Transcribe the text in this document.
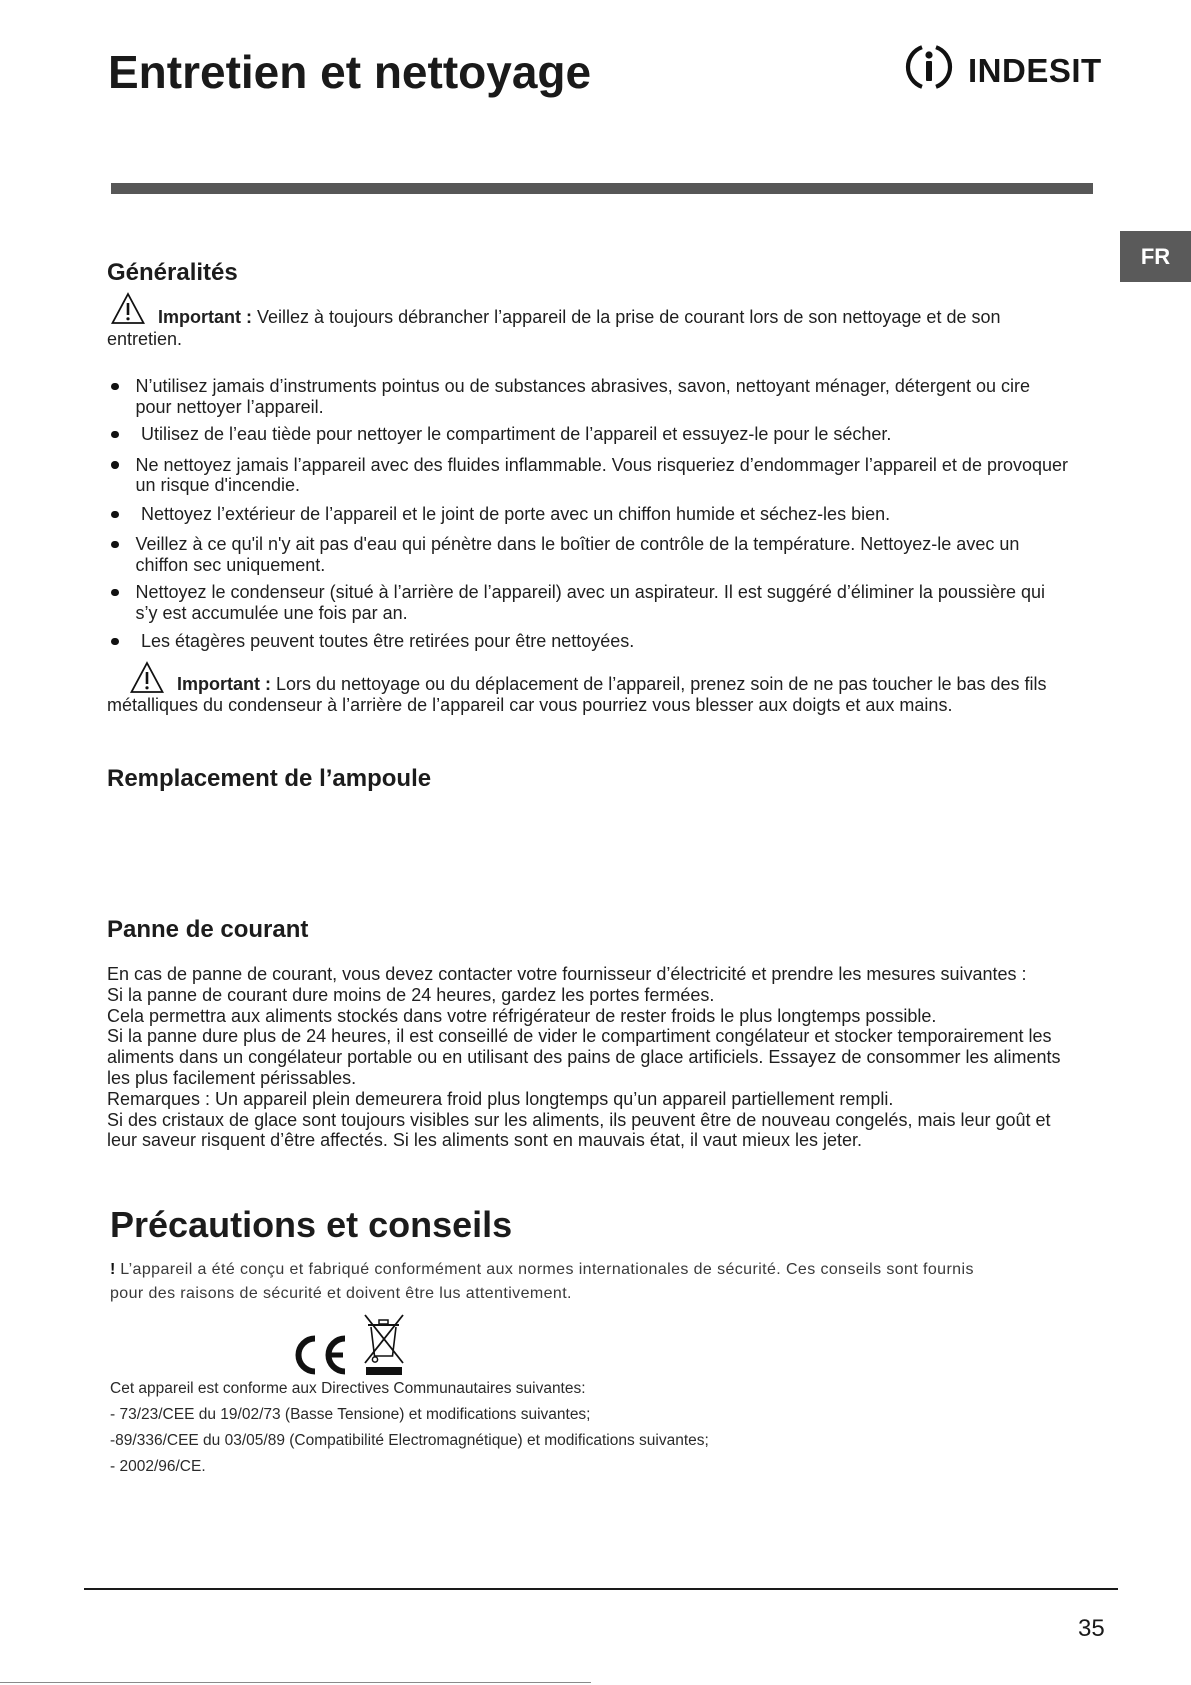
Entretien et nettoyage	INDESIT
FR
Généralités
Important : Veillez à toujours débrancher l’appareil de la prise de courant lors de son nettoyage et de son
entretien.
N’utilisez jamais d’instruments pointus ou de substances abrasives, savon, nettoyant ménager, détergent ou cire
pour nettoyer l’appareil.
Utilisez de l’eau tiède pour nettoyer le compartiment de l’appareil et essuyez-le pour le sécher.
Ne nettoyez jamais l’appareil avec des fluides inflammable. Vous risqueriez d’endommager l’appareil et de provoquer
un risque d'incendie.
Nettoyez l’extérieur de l’appareil et le joint de porte avec un chiffon humide et séchez-les bien.
Veillez à ce qu'il n'y ait pas d'eau qui pénètre dans le boîtier de contrôle de la température. Nettoyez-le avec un
chiffon sec uniquement.
Nettoyez le condenseur (situé à l’arrière de l’appareil) avec un aspirateur. Il est suggéré d’éliminer la poussière qui
s’y est accumulée une fois par an.
Les étagères peuvent toutes être retirées pour être nettoyées.
Important : Lors du nettoyage ou du déplacement de l’appareil, prenez soin de ne pas toucher le bas des fils
métalliques du condenseur à l’arrière de l’appareil car vous pourriez vous blesser aux doigts et aux mains.
Remplacement de l’ampoule
Panne de courant
En cas de panne de courant, vous devez contacter votre fournisseur d’électricité et prendre les mesures suivantes :
Si la panne de courant dure moins de 24 heures, gardez les portes fermées.
Cela permettra aux aliments stockés dans votre réfrigérateur de rester froids le plus longtemps possible.
Si la panne dure plus de 24 heures, il est conseillé de vider le compartiment congélateur et stocker temporairement les
aliments dans un congélateur portable ou en utilisant des pains de glace artificiels. Essayez de consommer les aliments
les plus facilement périssables.
Remarques : Un appareil plein demeurera froid plus longtemps qu’un appareil partiellement rempli.
Si des cristaux de glace sont toujours visibles sur les aliments, ils peuvent être de nouveau congelés, mais leur goût et
leur saveur risquent d’être affectés. Si les aliments sont en mauvais état, il vaut mieux les jeter.
Précautions et conseils
! L’appareil a été conçu et fabriqué conformément aux normes internationales de sécurité. Ces conseils sont fournis
pour des raisons de sécurité et doivent être lus attentivement.
Cet appareil est conforme aux Directives Communautaires suivantes:
- 73/23/CEE du 19/02/73 (Basse Tensione) et modifications suivantes;
-89/336/CEE du 03/05/89 (Compatibilité Electromagnétique) et modifications suivantes;
- 2002/96/CE.
35
